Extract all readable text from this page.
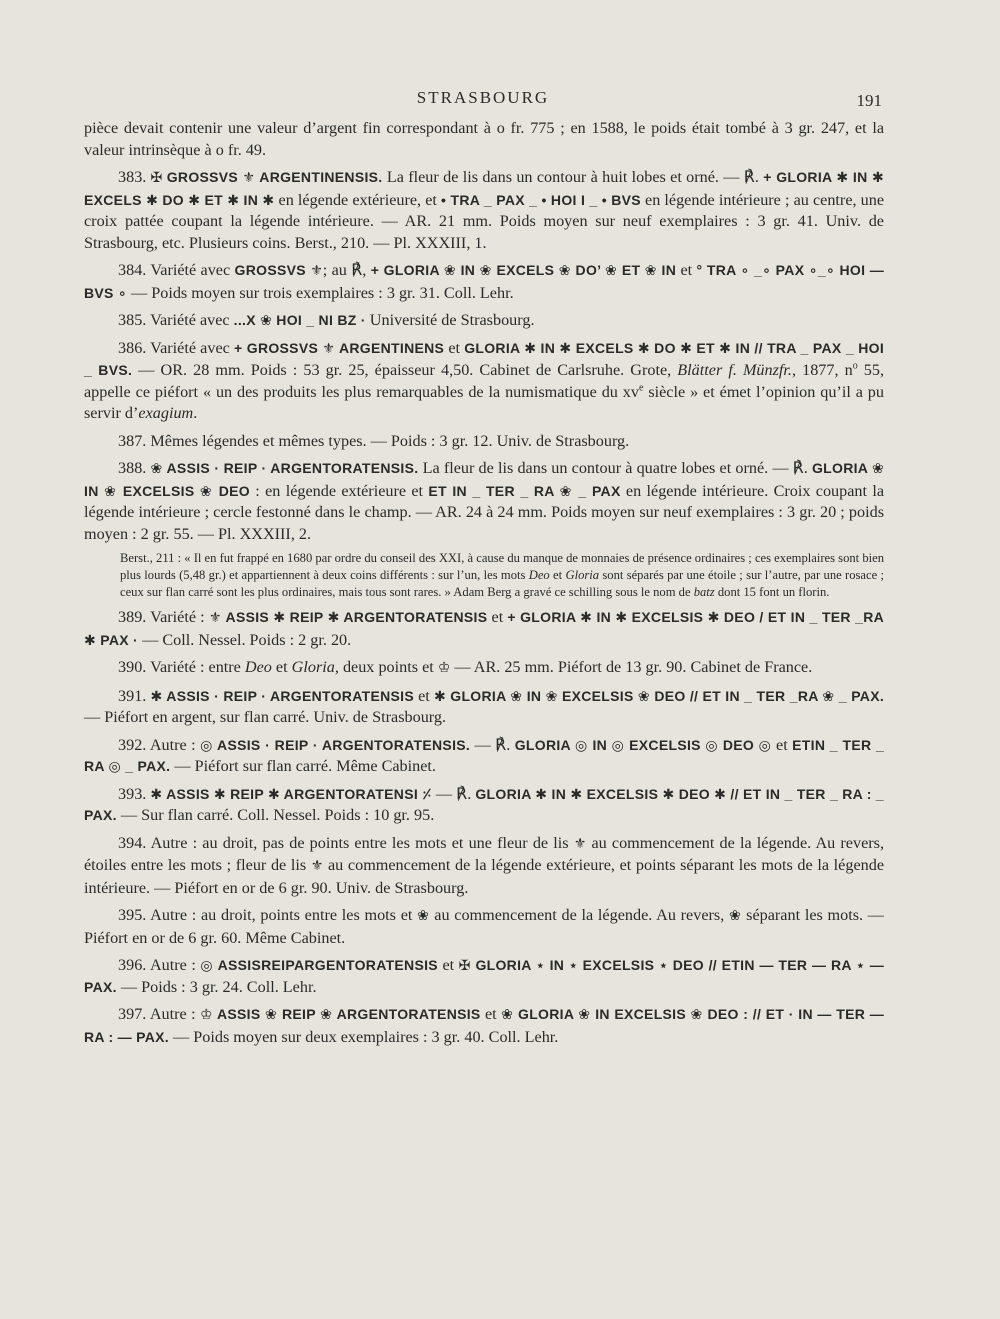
STRASBOURG	191

pièce devait contenir une valeur d’argent fin correspondant à o fr. 775 ; en 1588, le poids était tombé à 3 gr. 247, et la valeur intrinsèque à o fr. 49.

383. ✠ GROSSVS ⚜ ARGENTINENSIS. La fleur de lis dans un contour à huit lobes et orné. — ℟. + GLORIA ✱ IN ✱ EXCELS ✱ DO ✱ ET ✱ IN ✱ en légende extérieure, et • TRA _ PAX _ • HOI I _ • BVS en légende intérieure ; au centre, une croix pattée coupant la légende intérieure. — AR. 21 mm. Poids moyen sur neuf exemplaires : 3 gr. 41. Univ. de Strasbourg, etc. Plusieurs coins. Berst., 210. — Pl. XXXIII, 1.

384. Variété avec GROSSVS ⚜; au ℟, + GLORIA ❀ IN ❀ EXCELS ❀ DO’ ❀ ET ❀ IN et ° TRA ∘ _∘ PAX ∘_∘ HOI — BVS ∘ — Poids moyen sur trois exemplaires : 3 gr. 31. Coll. Lehr.

385. Variété avec ...X ❀ HOI _ NI BZ · Université de Strasbourg.

386. Variété avec + GROSSVS ⚜ ARGENTINENS et GLORIA ✱ IN ✱ EXCELS ✱ DO ✱ ET ✱ IN // TRA _ PAX _ HOI _ BVS. — OR. 28 mm. Poids : 53 gr. 25, épaisseur 4,50. Cabinet de Carlsruhe. Grote, Blätter f. Münzfr., 1877, $n^o$ 55, appelle ce piéfort « un des produits les plus remarquables de la numismatique du $xv^e$ siècle » et émet l’opinion qu’il a pu servir d’exagium.

387. Mêmes légendes et mêmes types. — Poids : 3 gr. 12. Univ. de Strasbourg.

388. ❀ ASSIS · REIP · ARGENTORATENSIS. La fleur de lis dans un contour à quatre lobes et orné. — ℟. GLORIA ❀ IN ❀ EXCELSIS ❀ DEO : en légende extérieure et ET IN _ TER _ RA ❀ _ PAX en légende intérieure. Croix coupant la légende intérieure ; cercle festonné dans le champ. — AR. 24 à 24 mm. Poids moyen sur neuf exemplaires : 3 gr. 20 ; poids moyen : 2 gr. 55. — Pl. XXXIII, 2.

Berst., 211 : « Il en fut frappé en 1680 par ordre du conseil des XXI, à cause du manque de monnaies de présence ordinaires ; ces exemplaires sont bien plus lourds (5,48 gr.) et appartiennent à deux coins différents : sur l’un, les mots Deo et Gloria sont séparés par une étoile ; sur l’autre, par une rosace ; ceux sur flan carré sont les plus ordinaires, mais tous sont rares. » Adam Berg a gravé ce schilling sous le nom de batz dont 15 font un florin.

389. Variété : ⚜ ASSIS ✱ REIP ✱ ARGENTORATENSIS et + GLORIA ✱ IN ✱ EXCELSIS ✱ DEO / ET IN _ TER _RA ✱ PAX · — Coll. Nessel. Poids : 2 gr. 20.

390. Variété : entre Deo et Gloria, deux points et ♔ — AR. 25 mm. Piéfort de 13 gr. 90. Cabinet de France.

391. ✱ ASSIS · REIP · ARGENTORATENSIS et ✱ GLORIA ❀ IN ❀ EXCELSIS ❀ DEO // ET IN _ TER _RA ❀ _ PAX. — Piéfort en argent, sur flan carré. Univ. de Strasbourg.

392. Autre : ◎ ASSIS · REIP · ARGENTORATENSIS. — ℟. GLORIA ◎ IN ◎ EXCELSIS ◎ DEO ◎ et ETIN _ TER _ RA ◎ _ PAX. — Piéfort sur flan carré. Même Cabinet.

393. ✱ ASSIS ✱ REIP ✱ ARGENTORATENSI ⸓ — ℟. GLORIA ✱ IN ✱ EXCELSIS ✱ DEO ✱ // ET IN _ TER _ RA : _ PAX. — Sur flan carré. Coll. Nessel. Poids : 10 gr. 95.

394. Autre : au droit, pas de points entre les mots et une fleur de lis ⚜ au commencement de la légende. Au revers, étoiles entre les mots ; fleur de lis ⚜ au commencement de la légende extérieure, et points séparant les mots de la légende intérieure. — Piéfort en or de 6 gr. 90. Univ. de Strasbourg.

395. Autre : au droit, points entre les mots et ❀ au commencement de la légende. Au revers, ❀ séparant les mots. — Piéfort en or de 6 gr. 60. Même Cabinet.

396. Autre : ◎ ASSISREIPARGENTORATENSIS et ✠ GLORIA ⋆ IN ⋆ EXCELSIS ⋆ DEO // ETIN — TER — RA ⋆ — PAX. — Poids : 3 gr. 24. Coll. Lehr.

397. Autre : ♔ ASSIS ❀ REIP ❀ ARGENTORATENSIS et ❀ GLORIA ❀ IN EXCELSIS ❀ DEO : // ET · IN — TER — RA : — PAX. — Poids moyen sur deux exemplaires : 3 gr. 40. Coll. Lehr.
